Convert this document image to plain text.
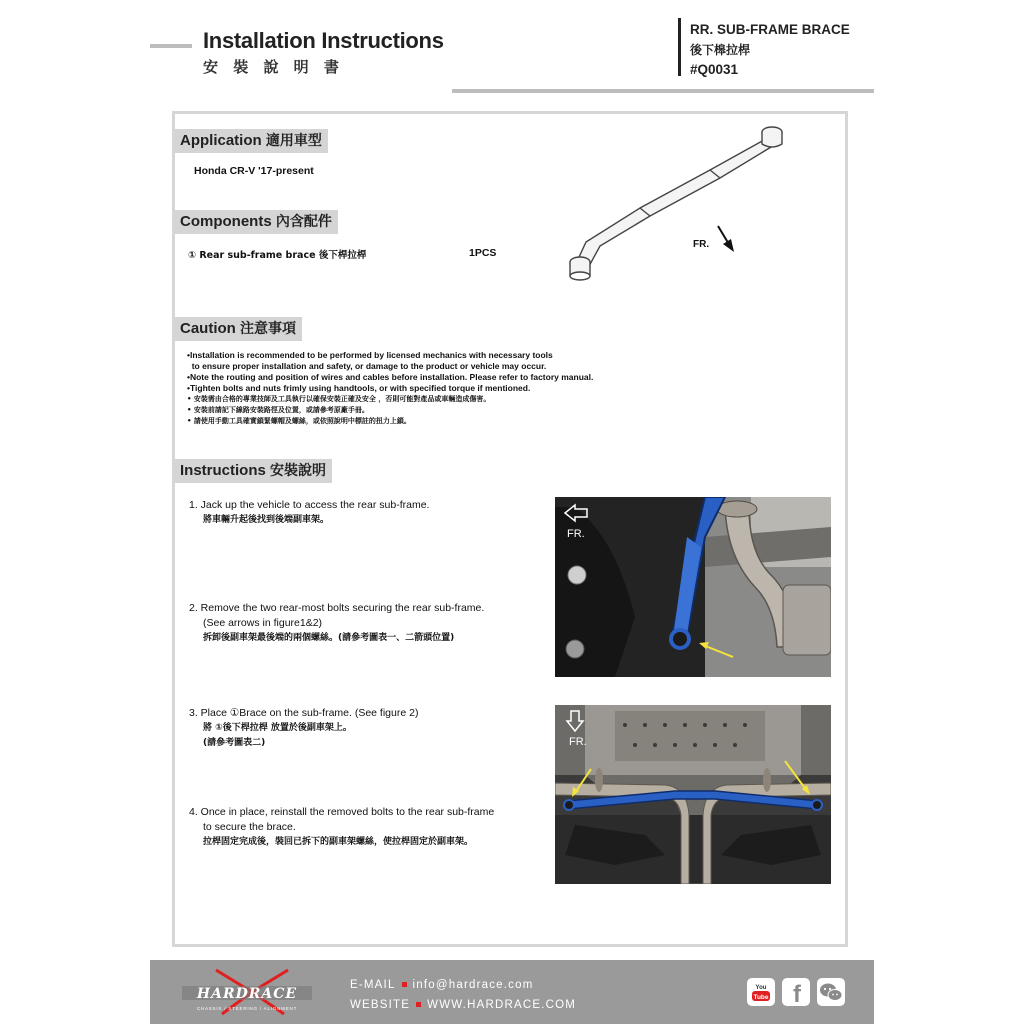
Installation Instructions
安 裝 說 明 書
RR. SUB-FRAME BRACE
後下槔拉桿
#Q0031
Application 適用車型
Honda CR-V '17-present
Components 內含配件
① Rear sub-frame brace 後下桿拉桿	1PCS
FR.
Caution 注意事項
•Installation is recommended to be performed by licensed mechanics with necessary tools
to ensure proper installation and safety, or damage to the product or vehicle may occur.
•Note the routing and position of wires and cables before installation. Please refer to factory manual.
•Tighten bolts and nuts frimly using handtools, or with specified torque if mentioned.
• 安裝需由合格的專業技師及工具執行以確保安裝正確及安全 ，否則可能對產品或車輛造成傷害。
• 安裝前請記下線路安裝路徑及位置，或請參考原廠手冊。
• 請使用手動工具確實鎖緊螺帽及螺絲，或依照說明中標註的扭力上鎖。
Instructions 安裝說明
1. Jack up the vehicle to access the rear sub-frame.
將車輛升起後找到後端副車架。
2. Remove the two rear-most bolts securing the rear sub-frame.
(See arrows in figure1&2)
拆卸後副車架最後端的兩個螺絲。(請參考圖表一、二箭頭位置)
3. Place ①Brace on the sub-frame. (See figure 2)
將 ①後下桿拉桿 放置於後副車架上。
(請參考圖表二)
4. Once in place, reinstall the removed bolts to the rear sub-frame
to secure the brace.
拉桿固定完成後，裝回已拆下的副車架螺絲，使拉桿固定於副車架。
FR.
FR.
HARDRACE
CHASSIS / STEERING / ALIGNMENT
E-MAIL info@hardrace.com
WEBSITE WWW.HARDRACE.COM
You
Tube f
